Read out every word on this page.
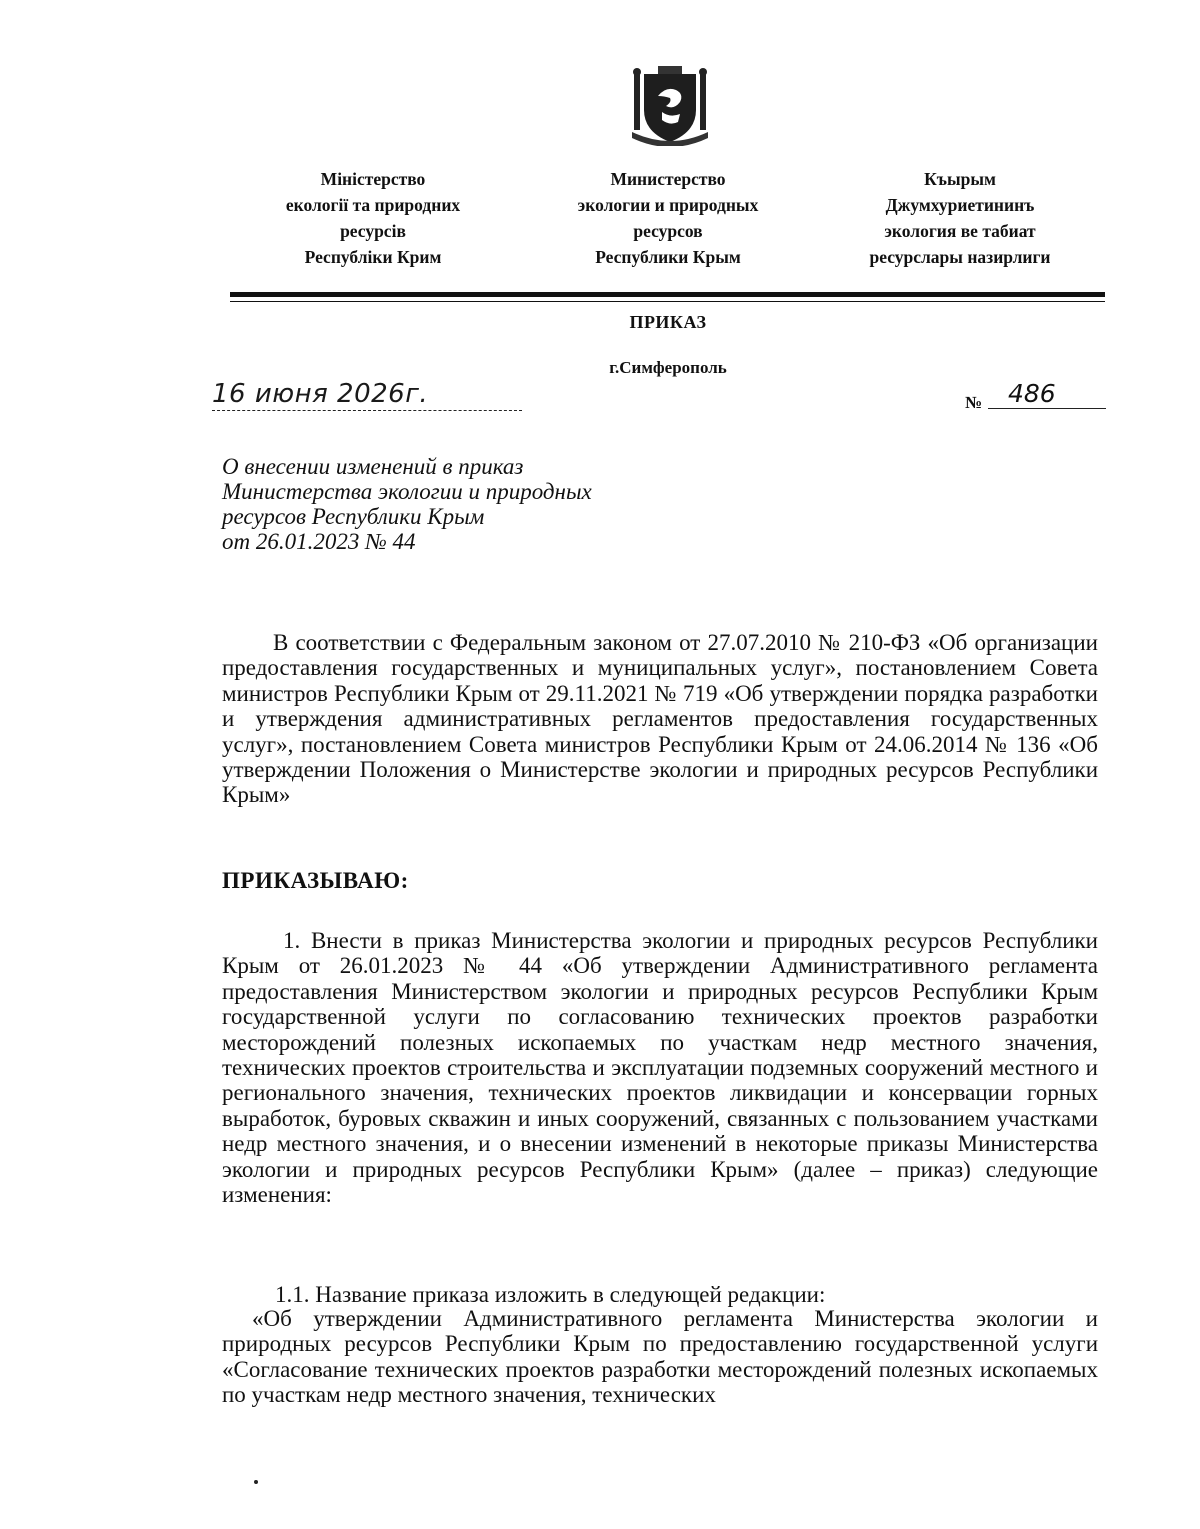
Міністерство
екології та природних
ресурсів
Республіки Крим
Министерство
экологии и природных
ресурсов
Республики Крым
Къырым
Джумхуриетининъ
экология ве табиат
ресурслары назирлиги
ПРИКАЗ
г.Симферополь
16 июня 2026г.	№	486
О внесении изменений в приказ
Министерства экологии и природных
ресурсов Республики Крым
от 26.01.2023 № 44
В соответствии с Федеральным законом от 27.07.2010 № 210-ФЗ «Об организации предоставления государственных и муниципальных услуг», постановлением Совета министров Республики Крым от 29.11.2021 № 719 «Об утверждении порядка разработки и утверждения административных регламентов предоставления государственных услуг», постановлением Совета министров Республики Крым от 24.06.2014 № 136 «Об утверждении Положения о Министерстве экологии и природных ресурсов Республики Крым»
ПРИКАЗЫВАЮ:
1. Внести в приказ Министерства экологии и природных ресурсов Республики Крым от 26.01.2023 № 44 «Об утверждении Административного регламента предоставления Министерством экологии и природных ресурсов Республики Крым государственной услуги по согласованию технических проектов разработки месторождений полезных ископаемых по участкам недр местного значения, технических проектов строительства и эксплуатации подземных сооружений местного и регионального значения, технических проектов ликвидации и консервации горных выработок, буровых скважин и иных сооружений, связанных с пользованием участками недр местного значения, и о внесении изменений в некоторые приказы Министерства экологии и природных ресурсов Республики Крым» (далее – приказ) следующие изменения:
1.1. Название приказа изложить в следующей редакции:
«Об утверждении Административного регламента Министерства экологии и природных ресурсов Республики Крым по предоставлению государственной услуги «Согласование технических проектов разработки месторождений полезных ископаемых по участкам недр местного значения, технических
